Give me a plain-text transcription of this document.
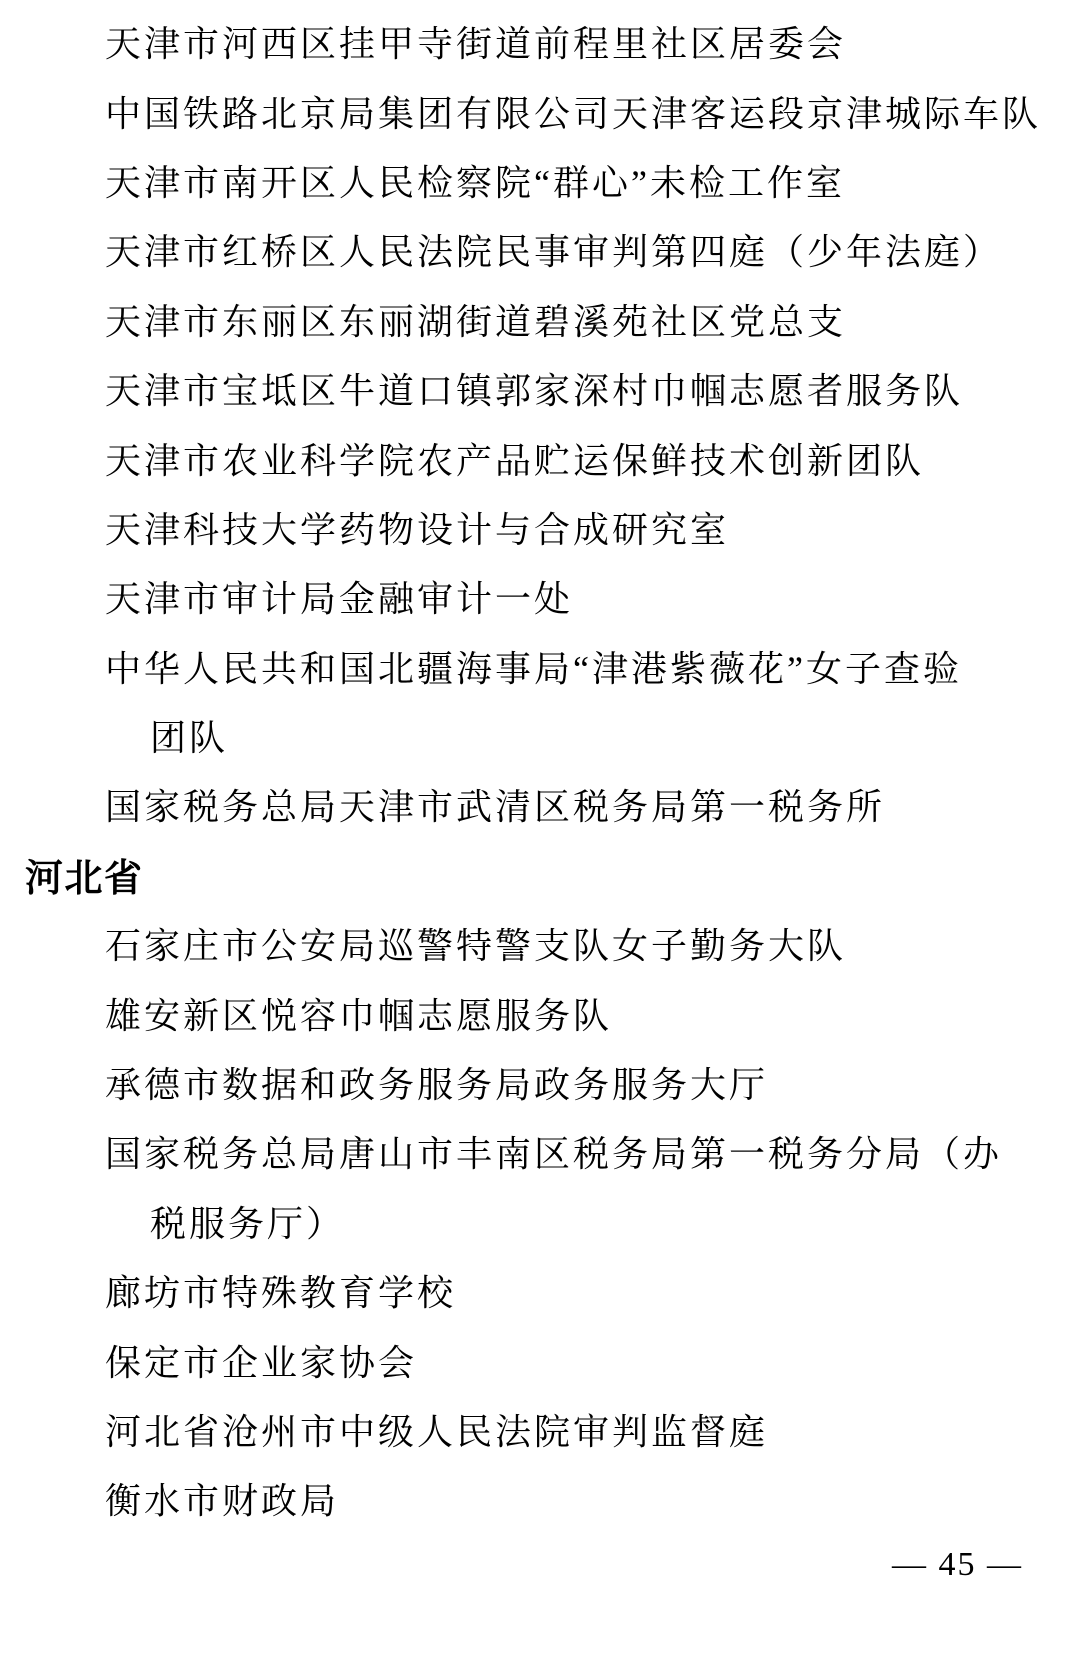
天津市河西区挂甲寺街道前程里社区居委会
中国铁路北京局集团有限公司天津客运段京津城际车队
天津市南开区人民检察院“群心”未检工作室
天津市红桥区人民法院民事审判第四庭（少年法庭）
天津市东丽区东丽湖街道碧溪苑社区党总支
天津市宝坻区牛道口镇郭家深村巾帼志愿者服务队
天津市农业科学院农产品贮运保鲜技术创新团队
天津科技大学药物设计与合成研究室
天津市审计局金融审计一处
中华人民共和国北疆海事局“津港紫薇花”女子查验
团队
国家税务总局天津市武清区税务局第一税务所
河北省
石家庄市公安局巡警特警支队女子勤务大队
雄安新区悦容巾帼志愿服务队
承德市数据和政务服务局政务服务大厅
国家税务总局唐山市丰南区税务局第一税务分局（办
税服务厅）
廊坊市特殊教育学校
保定市企业家协会
河北省沧州市中级人民法院审判监督庭
衡水市财政局
— 45 —
